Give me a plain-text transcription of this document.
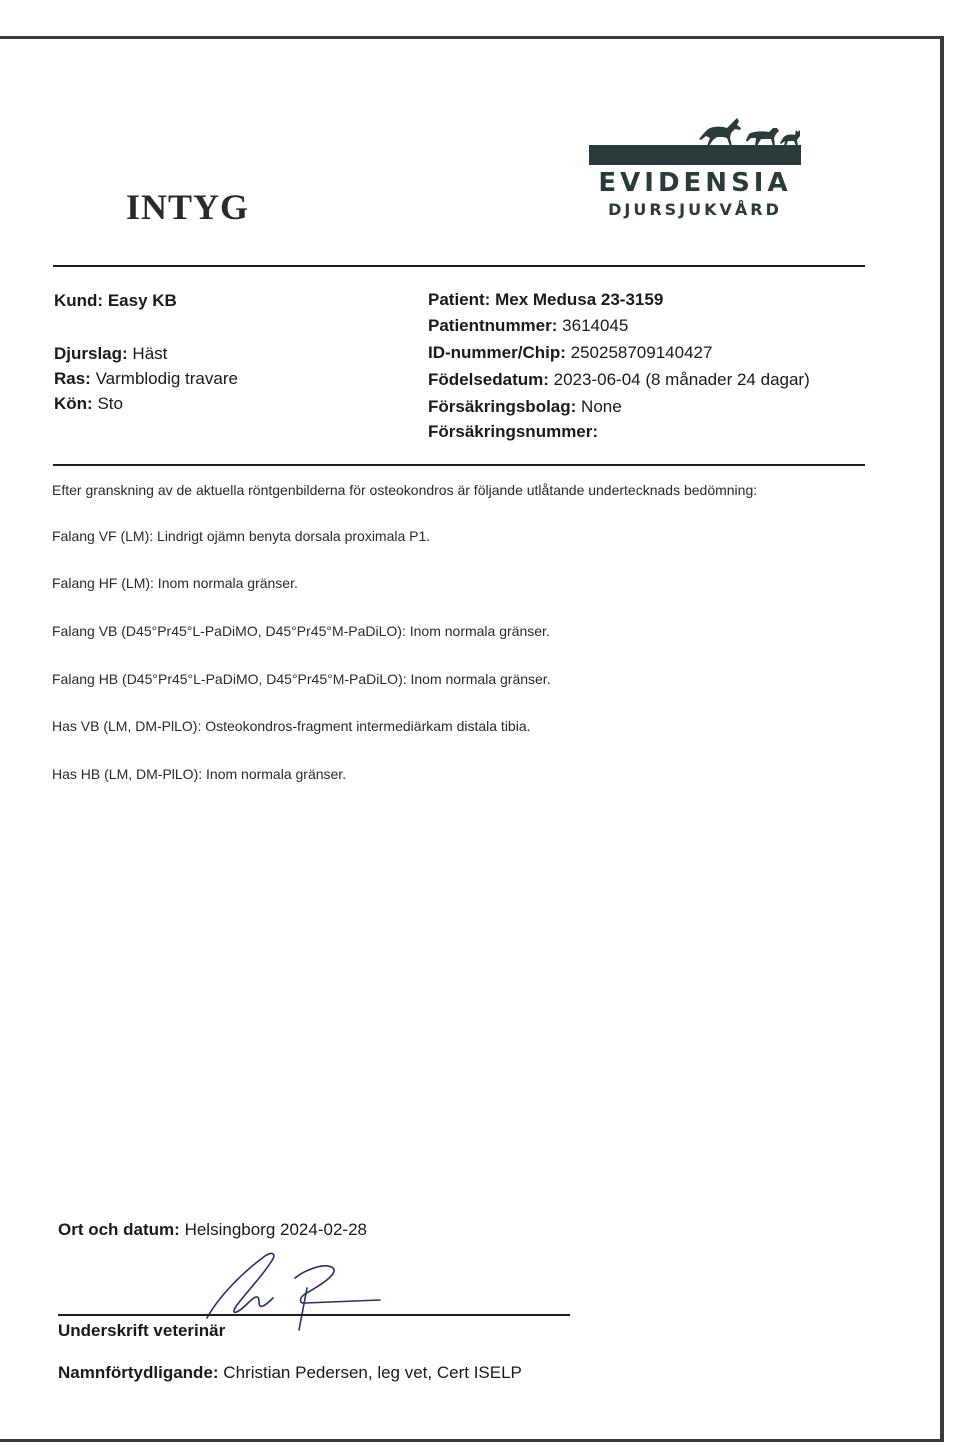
INTYG
EVIDENSIA
DJURSJUKVÅRD
Kund: Easy KB
Djurslag: Häst
Ras: Varmblodig travare
Kön: Sto
Patient: Mex Medusa 23-3159
Patientnummer: 3614045
ID-nummer/Chip: 250258709140427
Födelsedatum: 2023-06-04 (8 månader 24 dagar)
Försäkringsbolag: None
Försäkringsnummer:
Efter granskning av de aktuella röntgenbilderna för osteokondros är följande utlåtande undertecknads bedömning:
Falang VF (LM): Lindrigt ojämn benyta dorsala proximala P1.
Falang HF (LM): Inom normala gränser.
Falang VB (D45°Pr45°L-PaDiMO, D45°Pr45°M-PaDiLO): Inom normala gränser.
Falang HB (D45°Pr45°L-PaDiMO, D45°Pr45°M-PaDiLO): Inom normala gränser.
Has VB (LM, DM-PlLO): Osteokondros-fragment intermediärkam distala tibia.
Has HB (LM, DM-PlLO): Inom normala gränser.
Ort och datum: Helsingborg 2024-02-28
Underskrift veterinär
Namnförtydligande: Christian Pedersen, leg vet, Cert ISELP
